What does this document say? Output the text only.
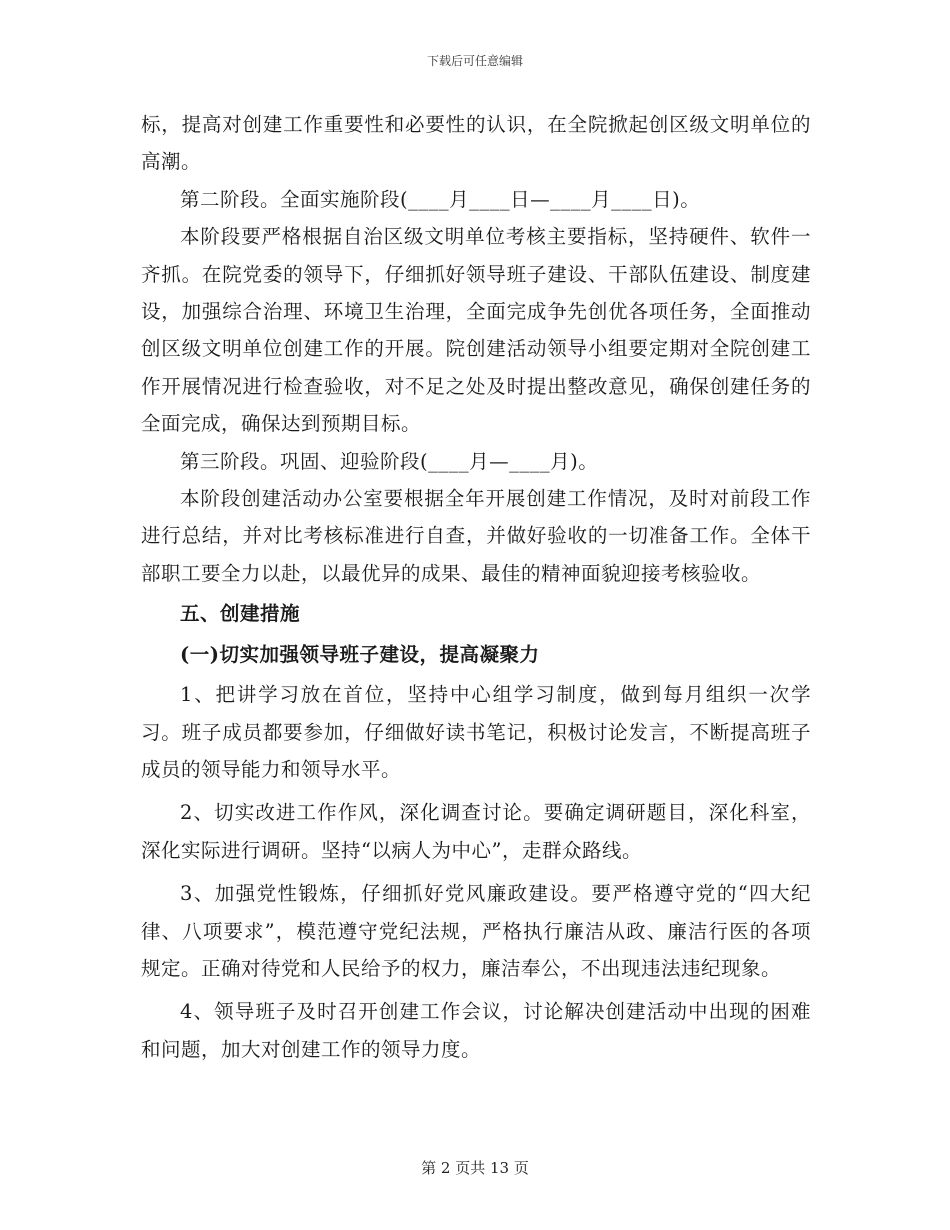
下载后可任意编辑

标，提高对创建工作重要性和必要性的认识，在全院掀起创区级文明单位的高潮。

第二阶段。全面实施阶段(____月____日—____月____日)。

本阶段要严格根据自治区级文明单位考核主要指标，坚持硬件、软件一齐抓。在院党委的领导下，仔细抓好领导班子建设、干部队伍建设、制度建设，加强综合治理、环境卫生治理，全面完成争先创优各项任务，全面推动创区级文明单位创建工作的开展。院创建活动领导小组要定期对全院创建工作开展情况进行检查验收，对不足之处及时提出整改意见，确保创建任务的全面完成，确保达到预期目标。

第三阶段。巩固、迎验阶段(____月—____月)。

本阶段创建活动办公室要根据全年开展创建工作情况，及时对前段工作进行总结，并对比考核标准进行自查，并做好验收的一切准备工作。全体干部职工要全力以赴，以最优异的成果、最佳的精神面貌迎接考核验收。

五、创建措施

(一)切实加强领导班子建设，提高凝聚力

1、把讲学习放在首位，坚持中心组学习制度，做到每月组织一次学习。班子成员都要参加，仔细做好读书笔记，积极讨论发言，不断提高班子成员的领导能力和领导水平。

2、切实改进工作作风，深化调查讨论。要确定调研题目，深化科室，深化实际进行调研。坚持“以病人为中心”，走群众路线。

3、加强党性锻炼，仔细抓好党风廉政建设。要严格遵守党的“四大纪律、八项要求”，模范遵守党纪法规，严格执行廉洁从政、廉洁行医的各项规定。正确对待党和人民给予的权力，廉洁奉公，不出现违法违纪现象。

4、领导班子及时召开创建工作会议，讨论解决创建活动中出现的困难和问题，加大对创建工作的领导力度。

第 2 页共 13 页
